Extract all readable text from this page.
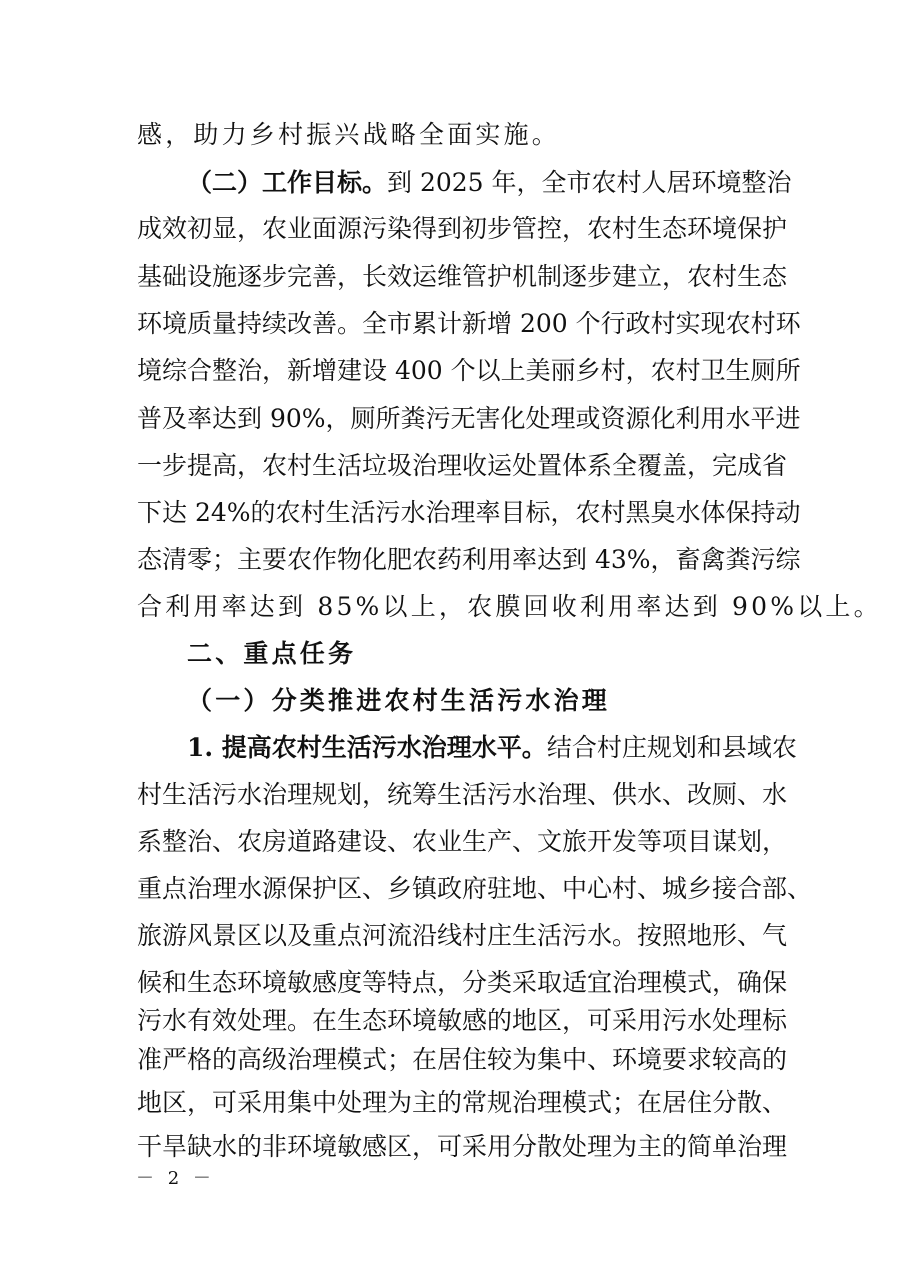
感，助力乡村振兴战略全面实施。
（二）工作目标。到 2025 年，全市农村人居环境整治
成效初显，农业面源污染得到初步管控，农村生态环境保护
基础设施逐步完善，长效运维管护机制逐步建立，农村生态
环境质量持续改善。全市累计新增 200 个行政村实现农村环
境综合整治，新增建设 400 个以上美丽乡村，农村卫生厕所
普及率达到 90%，厕所粪污无害化处理或资源化利用水平进
一步提高，农村生活垃圾治理收运处置体系全覆盖，完成省
下达 24%的农村生活污水治理率目标，农村黑臭水体保持动
态清零；主要农作物化肥农药利用率达到 43%，畜禽粪污综
合利用率达到 85%以上，农膜回收利用率达到 90%以上。
二、重点任务
（一）分类推进农村生活污水治理
1. 提高农村生活污水治理水平。结合村庄规划和县域农
村生活污水治理规划，统筹生活污水治理、供水、改厕、水
系整治、农房道路建设、农业生产、文旅开发等项目谋划，
重点治理水源保护区、乡镇政府驻地、中心村、城乡接合部、
旅游风景区以及重点河流沿线村庄生活污水。按照地形、气
候和生态环境敏感度等特点，分类采取适宜治理模式，确保
污水有效处理。在生态环境敏感的地区，可采用污水处理标
准严格的高级治理模式；在居住较为集中、环境要求较高的
地区，可采用集中处理为主的常规治理模式；在居住分散、
干旱缺水的非环境敏感区，可采用分散处理为主的简单治理
－ 2 －
